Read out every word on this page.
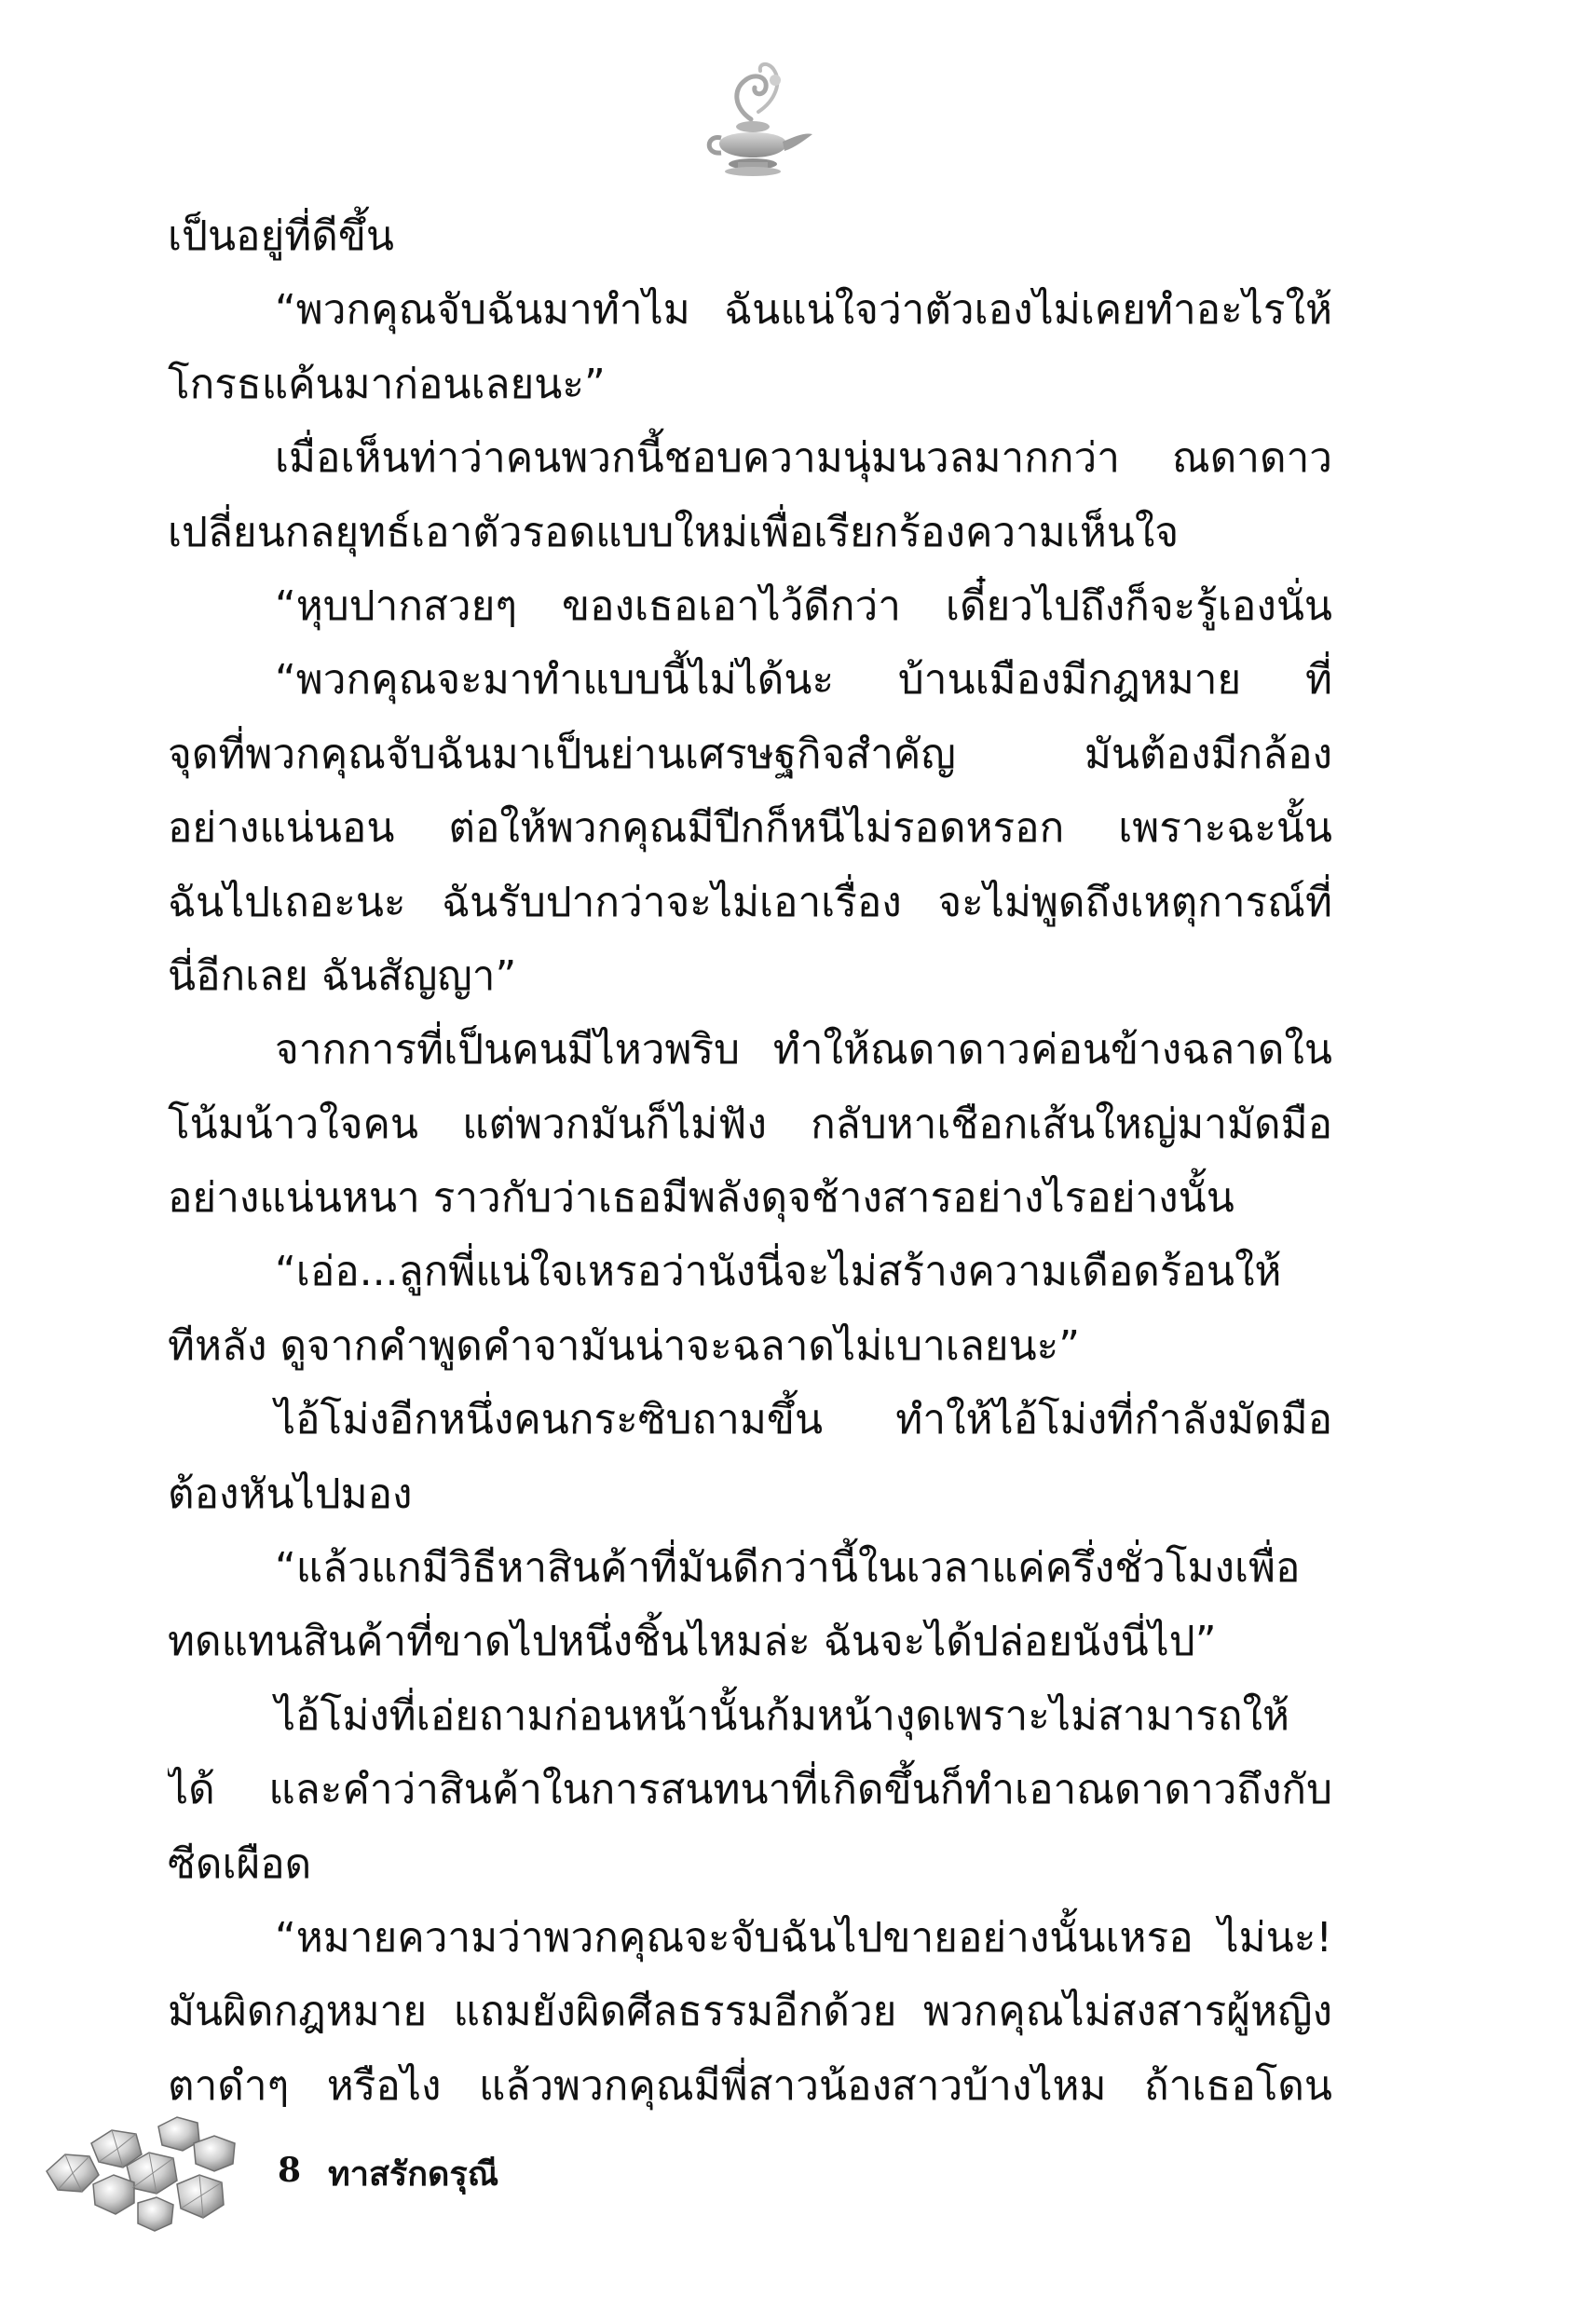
เป็นอยู่ที่ดีขึ้น
“พวกคุณจับฉันมาทำไม ฉันแน่ใจว่าตัวเองไม่เคยทำอะไรให้
โกรธแค้นมาก่อนเลยนะ”
เมื่อเห็นท่าว่าคนพวกนี้ชอบความนุ่มนวลมากกว่า ณดาดาว
เปลี่ยนกลยุทธ์เอาตัวรอดแบบใหม่เพื่อเรียกร้องความเห็นใจ
“หุบปากสวยๆ ของเธอเอาไว้ดีกว่า เดี๋ยวไปถึงก็จะรู้เองนั่น
“พวกคุณจะมาทำแบบนี้ไม่ได้นะ บ้านเมืองมีกฎหมาย ที่
จุดที่พวกคุณจับฉันมาเป็นย่านเศรษฐกิจสำคัญ มันต้องมีกล้อง
อย่างแน่นอน ต่อให้พวกคุณมีปีกก็หนีไม่รอดหรอก เพราะฉะนั้น
ฉันไปเถอะนะ ฉันรับปากว่าจะไม่เอาเรื่อง จะไม่พูดถึงเหตุการณ์ที่
นี่อีกเลย ฉันสัญญา”
จากการที่เป็นคนมีไหวพริบ ทำให้ณดาดาวค่อนข้างฉลาดใน
โน้มน้าวใจคน แต่พวกมันก็ไม่ฟัง กลับหาเชือกเส้นใหญ่มามัดมือ
อย่างแน่นหนา ราวกับว่าเธอมีพลังดุจช้างสารอย่างไรอย่างนั้น
“เอ่อ...ลูกพี่แน่ใจเหรอว่านังนี่จะไม่สร้างความเดือดร้อนให้
ทีหลัง ดูจากคำพูดคำจามันน่าจะฉลาดไม่เบาเลยนะ”
ไอ้โม่งอีกหนึ่งคนกระซิบถามขึ้น ทำให้ไอ้โม่งที่กำลังมัดมือ
ต้องหันไปมอง
“แล้วแกมีวิธีหาสินค้าที่มันดีกว่านี้ในเวลาแค่ครึ่งชั่วโมงเพื่อ
ทดแทนสินค้าที่ขาดไปหนึ่งชิ้นไหมล่ะ ฉันจะได้ปล่อยนังนี่ไป”
ไอ้โม่งที่เอ่ยถามก่อนหน้านั้นก้มหน้างุดเพราะไม่สามารถให้
ได้ และคำว่าสินค้าในการสนทนาที่เกิดขึ้นก็ทำเอาณดาดาวถึงกับ
ซีดเผือด
“หมายความว่าพวกคุณจะจับฉันไปขายอย่างนั้นเหรอ ไม่นะ!
มันผิดกฎหมาย แถมยังผิดศีลธรรมอีกด้วย พวกคุณไม่สงสารผู้หญิง
ตาดำๆ หรือไง แล้วพวกคุณมีพี่สาวน้องสาวบ้างไหม ถ้าเธอโดน
8 ทาสรักดรุณี
